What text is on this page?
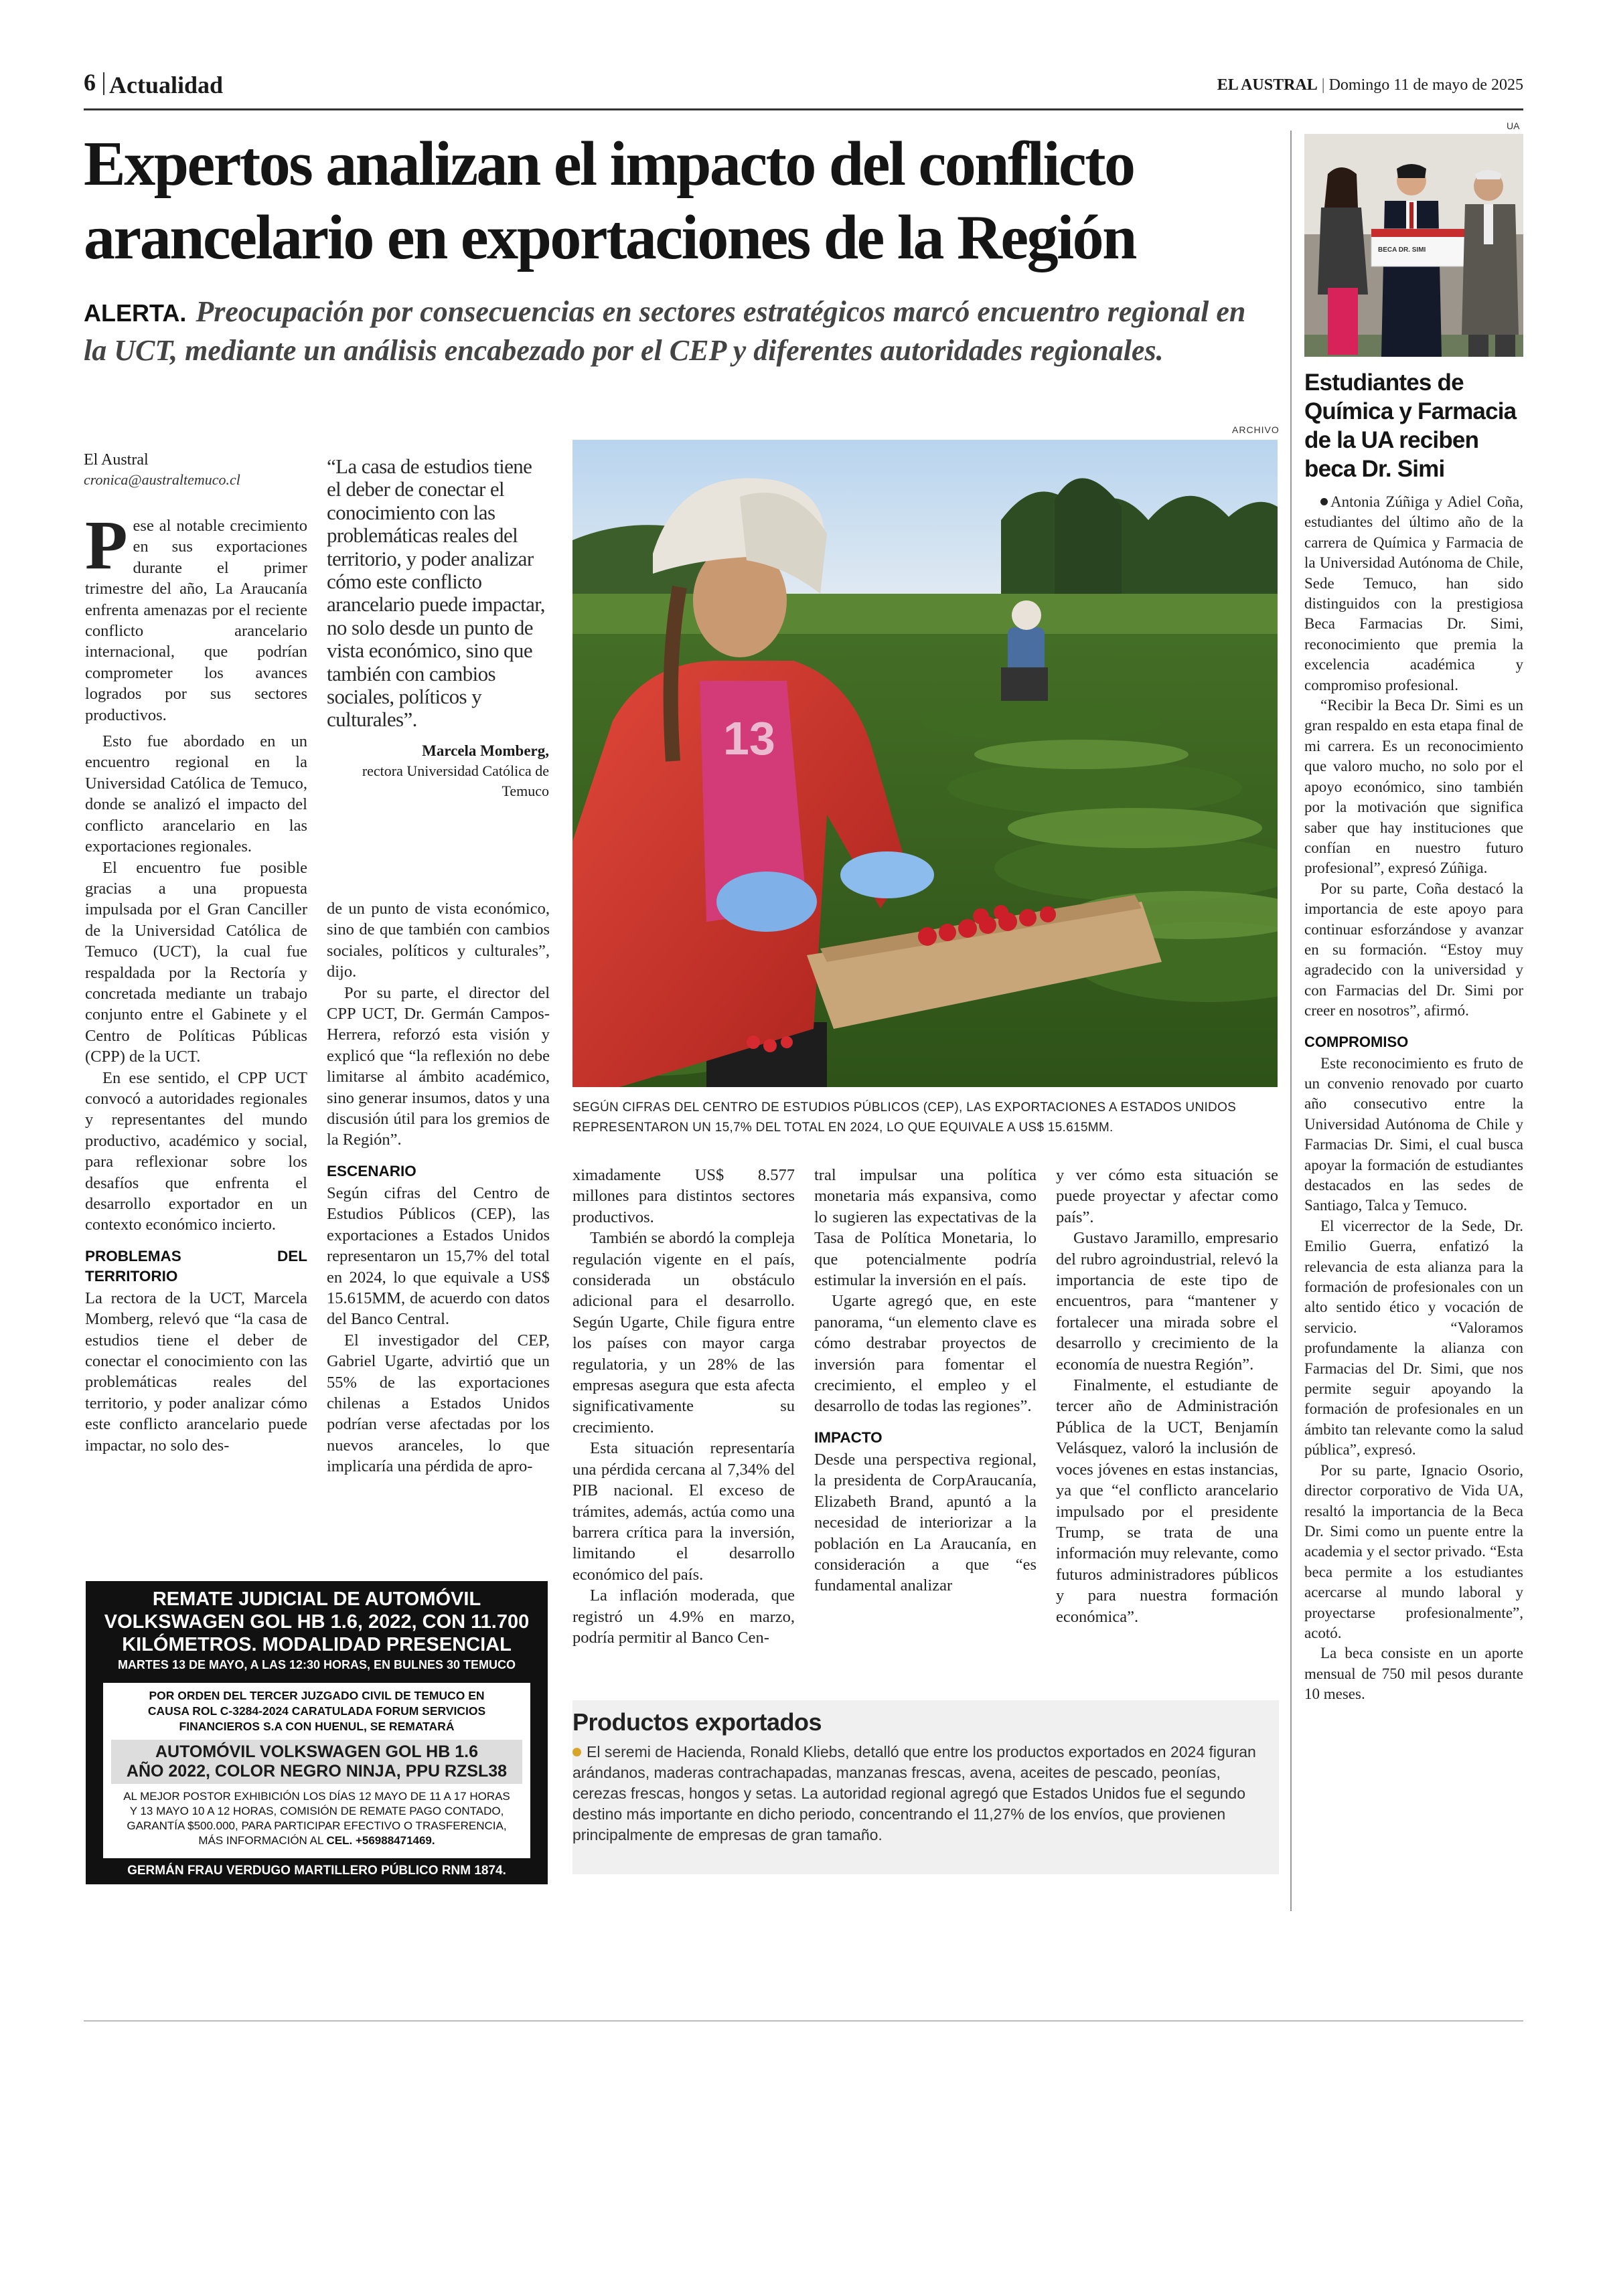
6 Actualidad	EL AUSTRAL | Domingo 11 de mayo de 2025
Expertos analizan el impacto del conflicto arancelario en exportaciones de la Región
ALERTA. Preocupación por consecuencias en sectores estratégicos marcó encuentro regional en la UCT, mediante un análisis encabezado por el CEP y diferentes autoridades regionales.
El Austral
cronica@australtemuco.cl

Pese al notable crecimiento en sus exportaciones durante el primer trimestre del año, La Araucanía enfrenta amenazas por el reciente conflicto arancelario internacional, que podrían comprometer los avances logrados por sus sectores productivos.

Esto fue abordado en un encuentro regional en la Universidad Católica de Temuco, donde se analizó el impacto del conflicto arancelario en las exportaciones regionales.

El encuentro fue posible gracias a una propuesta impulsada por el Gran Canciller de la Universidad Católica de Temuco (UCT), la cual fue respaldada por la Rectoría y concretada mediante un trabajo conjunto entre el Gabinete y el Centro de Políticas Públicas (CPP) de la UCT.

En ese sentido, el CPP UCT convocó a autoridades regionales y representantes del mundo productivo, académico y social, para reflexionar sobre los desafíos que enfrenta el desarrollo exportador en un contexto económico incierto.

PROBLEMAS DEL TERRITORIO

La rectora de la UCT, Marcela Momberg, relevó que “la casa de estudios tiene el deber de conectar el conocimiento con las problemáticas reales del territorio, y poder analizar cómo este conflicto arancelario puede impactar, no solo des-

“La casa de estudios tiene el deber de conectar el conocimiento con las problemáticas reales del territorio, y poder analizar cómo este conflicto arancelario puede impactar, no solo desde un punto de vista económico, sino que también con cambios sociales, políticos y culturales”.
Marcela Momberg,
rectora Universidad Católica de Temuco

de un punto de vista económico, sino de que también con cambios sociales, políticos y culturales”, dijo.

Por su parte, el director del CPP UCT, Dr. Germán Campos-Herrera, reforzó esta visión y explicó que “la reflexión no debe limitarse al ámbito académico, sino generar insumos, datos y una discusión útil para los gremios de la Región”.

ESCENARIO

Según cifras del Centro de Estudios Públicos (CEP), las exportaciones a Estados Unidos representaron un 15,7% del total en 2024, lo que equivale a US$ 15.615MM, de acuerdo con datos del Banco Central.

El investigador del CEP, Gabriel Ugarte, advirtió que un 55% de las exportaciones chilenas a Estados Unidos podrían verse afectadas por los nuevos aranceles, lo que implicaría una pérdida de apro-

ARCHIVO
13
SEGÚN CIFRAS DEL CENTRO DE ESTUDIOS PÚBLICOS (CEP), LAS EXPORTACIONES A ESTADOS UNIDOS REPRESENTARON UN 15,7% DEL TOTAL EN 2024, LO QUE EQUIVALE A US$ 15.615MM.

ximadamente US$ 8.577 millones para distintos sectores productivos.

También se abordó la compleja regulación vigente en el país, considerada un obstáculo adicional para el desarrollo. Según Ugarte, Chile figura entre los países con mayor carga regulatoria, y un 28% de las empresas asegura que esta afecta significativamente su crecimiento.

Esta situación representaría una pérdida cercana al 7,34% del PIB nacional. El exceso de trámites, además, actúa como una barrera crítica para la inversión, limitando el desarrollo económico del país.

La inflación moderada, que registró un 4.9% en marzo, podría permitir al Banco Cen-

tral impulsar una política monetaria más expansiva, como lo sugieren las expectativas de la Tasa de Política Monetaria, lo que potencialmente podría estimular la inversión en el país.

Ugarte agregó que, en este panorama, “un elemento clave es cómo destrabar proyectos de inversión para fomentar el crecimiento, el empleo y el desarrollo de todas las regiones”.

IMPACTO

Desde una perspectiva regional, la presidenta de CorpAraucanía, Elizabeth Brand, apuntó a la necesidad de interiorizar a la población en La Araucanía, en consideración a que “es fundamental analizar

y ver cómo esta situación se puede proyectar y afectar como país”.

Gustavo Jaramillo, empresario del rubro agroindustrial, relevó la importancia de este tipo de encuentros, para “mantener y fortalecer una mirada sobre el desarrollo y crecimiento de la economía de nuestra Región”.

Finalmente, el estudiante de tercer año de Administración Pública de la UCT, Benjamín Velásquez, valoró la inclusión de voces jóvenes en estas instancias, ya que “el conflicto arancelario impulsado por el presidente Trump, se trata de una información muy relevante, como futuros administradores públicos y para nuestra formación económica”.

Productos exportados
El seremi de Hacienda, Ronald Kliebs, detalló que entre los productos exportados en 2024 figuran arándanos, maderas contrachapadas, manzanas frescas, avena, aceites de pescado, peonías, cerezas frescas, hongos y setas. La autoridad regional agregó que Estados Unidos fue el segundo destino más importante en dicho periodo, concentrando el 11,27% de los envíos, que provienen principalmente de empresas de gran tamaño.
REMATE JUDICIAL DE AUTOMÓVIL
VOLKSWAGEN GOL HB 1.6, 2022, CON 11.700
KILÓMETROS. MODALIDAD PRESENCIAL
MARTES 13 DE MAYO, A LAS 12:30 HORAS, EN BULNES 30 TEMUCO
POR ORDEN DEL TERCER JUZGADO CIVIL DE TEMUCO EN CAUSA ROL C-3284-2024 CARATULADA FORUM SERVICIOS FINANCIEROS S.A CON HUENUL, SE REMATARÁ
AUTOMÓVIL VOLKSWAGEN GOL HB 1.6
AÑO 2022, COLOR NEGRO NINJA, PPU RZSL38
AL MEJOR POSTOR EXHIBICIÓN LOS DÍAS 12 MAYO DE 11 A 17 HORAS Y 13 MAYO 10 A 12 HORAS, COMISIÓN DE REMATE PAGO CONTADO, GARANTÍA $500.000, PARA PARTICIPAR EFECTIVO O TRASFERENCIA, MÁS INFORMACIÓN AL CEL. +56988471469.
GERMÁN FRAU VERDUGO MARTILLERO PÚBLICO RNM 1874.
UA
BECA DR. SIMI
Estudiantes de Química y Farmacia de la UA reciben beca Dr. Simi

Antonia Zúñiga y Adiel Coña, estudiantes del último año de la carrera de Química y Farmacia de la Universidad Autónoma de Chile, Sede Temuco, han sido distinguidos con la prestigiosa Beca Farmacias Dr. Simi, reconocimiento que premia la excelencia académica y compromiso profesional.

“Recibir la Beca Dr. Simi es un gran respaldo en esta etapa final de mi carrera. Es un reconocimiento que valoro mucho, no solo por el apoyo económico, sino también por la motivación que significa saber que hay instituciones que confían en nuestro futuro profesional”, expresó Zúñiga.

Por su parte, Coña destacó la importancia de este apoyo para continuar esforzándose y avanzar en su formación. “Estoy muy agradecido con la universidad y con Farmacias del Dr. Simi por creer en nosotros”, afirmó.

COMPROMISO

Este reconocimiento es fruto de un convenio renovado por cuarto año consecutivo entre la Universidad Autónoma de Chile y Farmacias Dr. Simi, el cual busca apoyar la formación de estudiantes destacados en las sedes de Santiago, Talca y Temuco.

El vicerrector de la Sede, Dr. Emilio Guerra, enfatizó la relevancia de esta alianza para la formación de profesionales con un alto sentido ético y vocación de servicio. “Valoramos profundamente la alianza con Farmacias del Dr. Simi, que nos permite seguir apoyando la formación de profesionales en un ámbito tan relevante como la salud pública”, expresó.

Por su parte, Ignacio Osorio, director corporativo de Vida UA, resaltó la importancia de la Beca Dr. Simi como un puente entre la academia y el sector privado. “Esta beca permite a los estudiantes acercarse al mundo laboral y proyectarse profesionalmente”, acotó.

La beca consiste en un aporte mensual de 750 mil pesos durante 10 meses.
